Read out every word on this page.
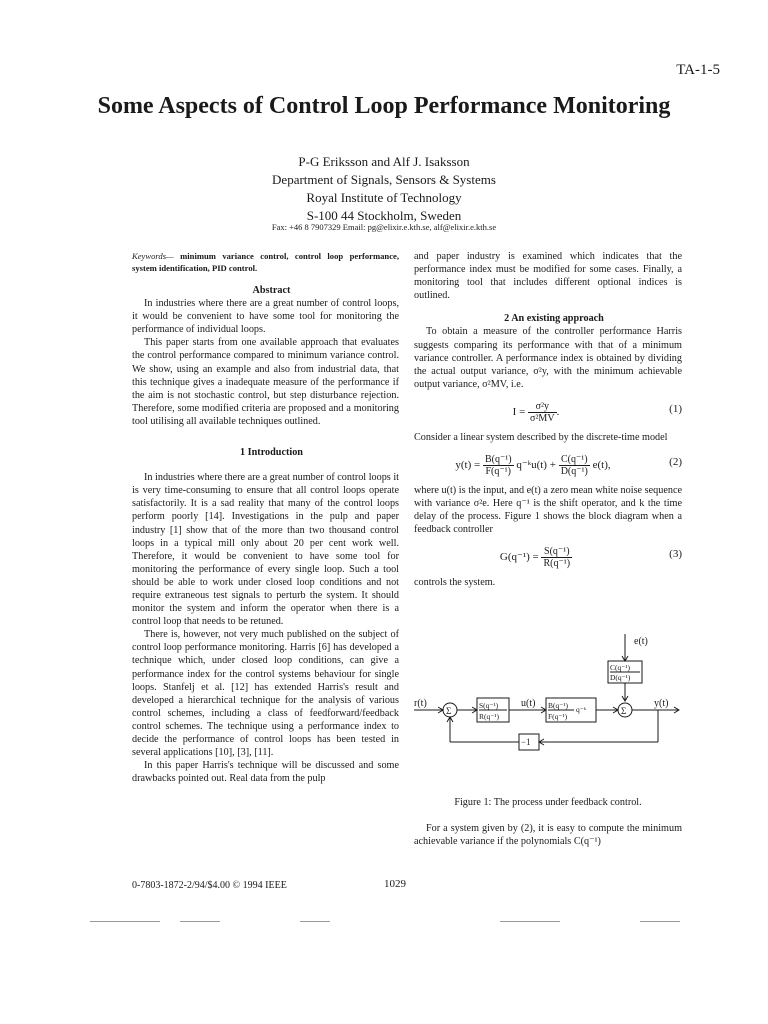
TA-1-5
Some Aspects of Control Loop Performance Monitoring
P-G Eriksson and Alf J. Isaksson
Department of Signals, Sensors & Systems
Royal Institute of Technology
S-100 44 Stockholm, Sweden
Fax: +46 8 7907329 Email: pg@elixir.e.kth.se, alf@elixir.e.kth.se

Keywords— minimum variance control, control loop performance, system identification, PID control.

Abstract

In industries where there are a great number of control loops, it would be convenient to have some tool for monitoring the performance of individual loops.

This paper starts from one available approach that evaluates the control performance compared to minimum variance control. We show, using an example and also from industrial data, that this technique gives a inadequate measure of the performance if the aim is not stochastic control, but step disturbance rejection. Therefore, some modified criteria are proposed and a monitoring tool utilising all available techniques outlined.

1 Introduction

In industries where there are a great number of control loops it is very time-consuming to ensure that all control loops operate satisfactorily. It is a sad reality that many of the control loops perform poorly [14]. Investigations in the pulp and paper industry [1] show that of the more than two thousand control loops in a typical mill only about 20 per cent work well. Therefore, it would be convenient to have some tool for monitoring the performance of every single loop. Such a tool should be able to work under closed loop conditions and not require extraneous test signals to perturb the system. It should monitor the system and inform the operator when there is a control loop that needs to be retuned.

There is, however, not very much published on the subject of control loop performance monitoring. Harris [6] has developed a technique which, under closed loop conditions, can give a performance index for the control systems behaviour for single loops. Stanfelj et al. [12] has extended Harris's result and developed a hierarchical technique for the analysis of various control schemes, including a class of feedforward/feedback control schemes. The technique using a performance index to decide the performance of control loops has been tested in several applications [10], [3], [11].

In this paper Harris's technique will be discussed and some drawbacks pointed out. Real data from the pulp

and paper industry is examined which indicates that the performance index must be modified for some cases. Finally, a monitoring tool that includes different optional indices is outlined.

2 An existing approach

To obtain a measure of the controller performance Harris suggests comparing its performance with that of a minimum variance controller. A performance index is obtained by dividing the actual output variance, σ²y, with the minimum achievable output variance, σ²MV, i.e.

$I = \frac{\text{σ²y}}{\text{σ²MV}}$ .	(1)

Consider a linear system described by the discrete-time model

$y(t) = \frac{\text{B(q⁻¹)}}{\text{F(q⁻¹)}}$ q⁻ᵏu(t) + $\frac{\text{C(q⁻¹)}}{\text{D(q⁻¹)}} e(t)$,	(2)

where u(t) is the input, and e(t) a zero mean white noise sequence with variance σ²e. Here q⁻¹ is the shift operator, and k the time delay of the process. Figure 1 shows the block diagram when a feedback controller

$G(q^{-1}) = \frac{\text{S(q⁻¹)}}{\text{R(q⁻¹)}}$	(3)

controls the system.

e(t)
C(q⁻¹)
D(q⁻¹)
r(t)
Σ
S(q⁻¹)
R(q⁻¹)
u(t) B(q⁻¹)
F(q⁻¹)
q⁻ᵏ	Σ
y(t)
−1
Figure 1: The process under feedback control.

For a system given by (2), it is easy to compute the minimum achievable variance if the polynomials C(q⁻¹)

0-7803-1872-2/94/$4.00 © 1994 IEEE	1029
